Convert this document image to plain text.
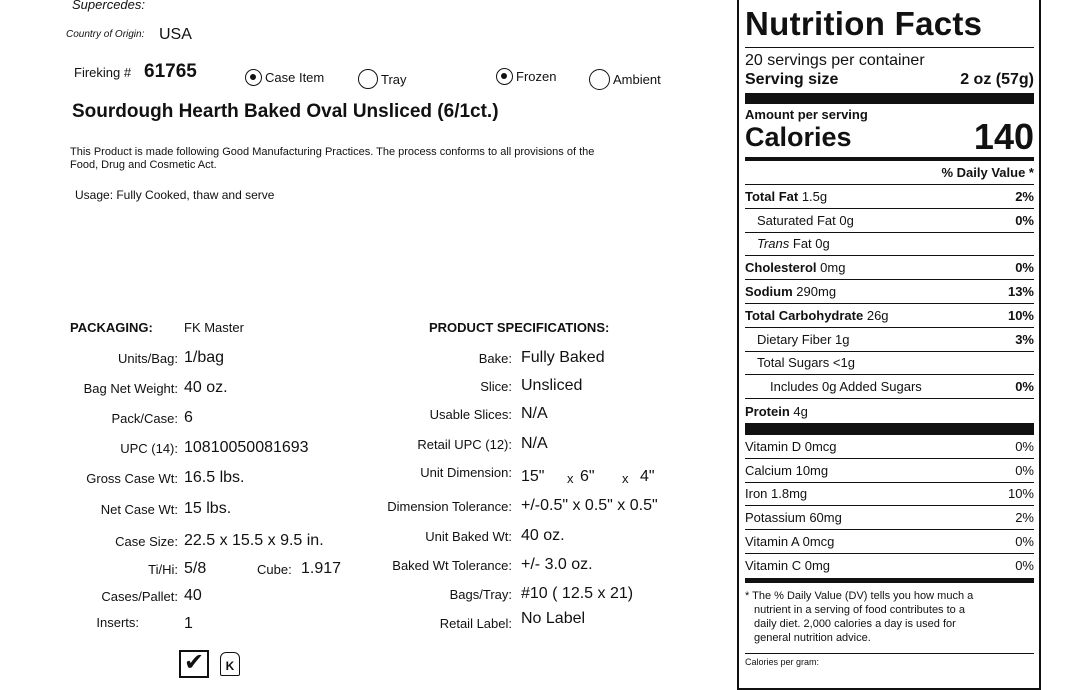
Supercedes:
Country of Origin: USA
Fireking # 61765	Case Item	Tray	Frozen	Ambient
Sourdough Hearth Baked Oval Unsliced (6/1ct.)
This Product is made following Good Manufacturing Practices. The process conforms to all provisions of the
Food, Drug and Cosmetic Act.
Usage: Fully Cooked, thaw and serve
PACKAGING: FK Master
Units/Bag: 1/bag
Bag Net Weight: 40 oz.
Pack/Case: 6
UPC (14): 10810050081693
Gross Case Wt: 16.5 lbs.
Net Case Wt: 15 lbs.
Case Size: 22.5 x 15.5 x 9.5 in.
Ti/Hi: 5/8	Cube: 1.917
Cases/Pallet: 40
Inserts:	1
PRODUCT SPECIFICATIONS:
Bake: Fully Baked
Slice: Unsliced
Usable Slices: N/A
Retail UPC (12): N/A
Unit Dimension: 15" x 6" x 4"
Dimension Tolerance: +/-0.5" x 0.5" x 0.5"
Unit Baked Wt: 40 oz.
Baked Wt Tolerance: +/- 3.0 oz.
Bags/Tray: #10 ( 12.5 x 21)
Retail Label: No Label
✔	K
Nutrition Facts
20 servings per container
Serving size	2 oz (57g)
Amount per serving
Calories	140
% Daily Value *
Total Fat 1.5g	2%
Saturated Fat 0g	0%
Trans Fat 0g
Cholesterol 0mg	0%
Sodium 290mg	13%
Total Carbohydrate 26g	10%
Dietary Fiber 1g	3%
Total Sugars <1g
Includes 0g Added Sugars	0%
Protein 4g
Vitamin D 0mcg	0%
Calcium 10mg	0%
Iron 1.8mg	10%
Potassium 60mg	2%
Vitamin A 0mcg	0%
Vitamin C 0mg	0%
* The % Daily Value (DV) tells you how much a
nutrient in a serving of food contributes to a
daily diet. 2,000 calories a day is used for
general nutrition advice.
Calories per gram:
